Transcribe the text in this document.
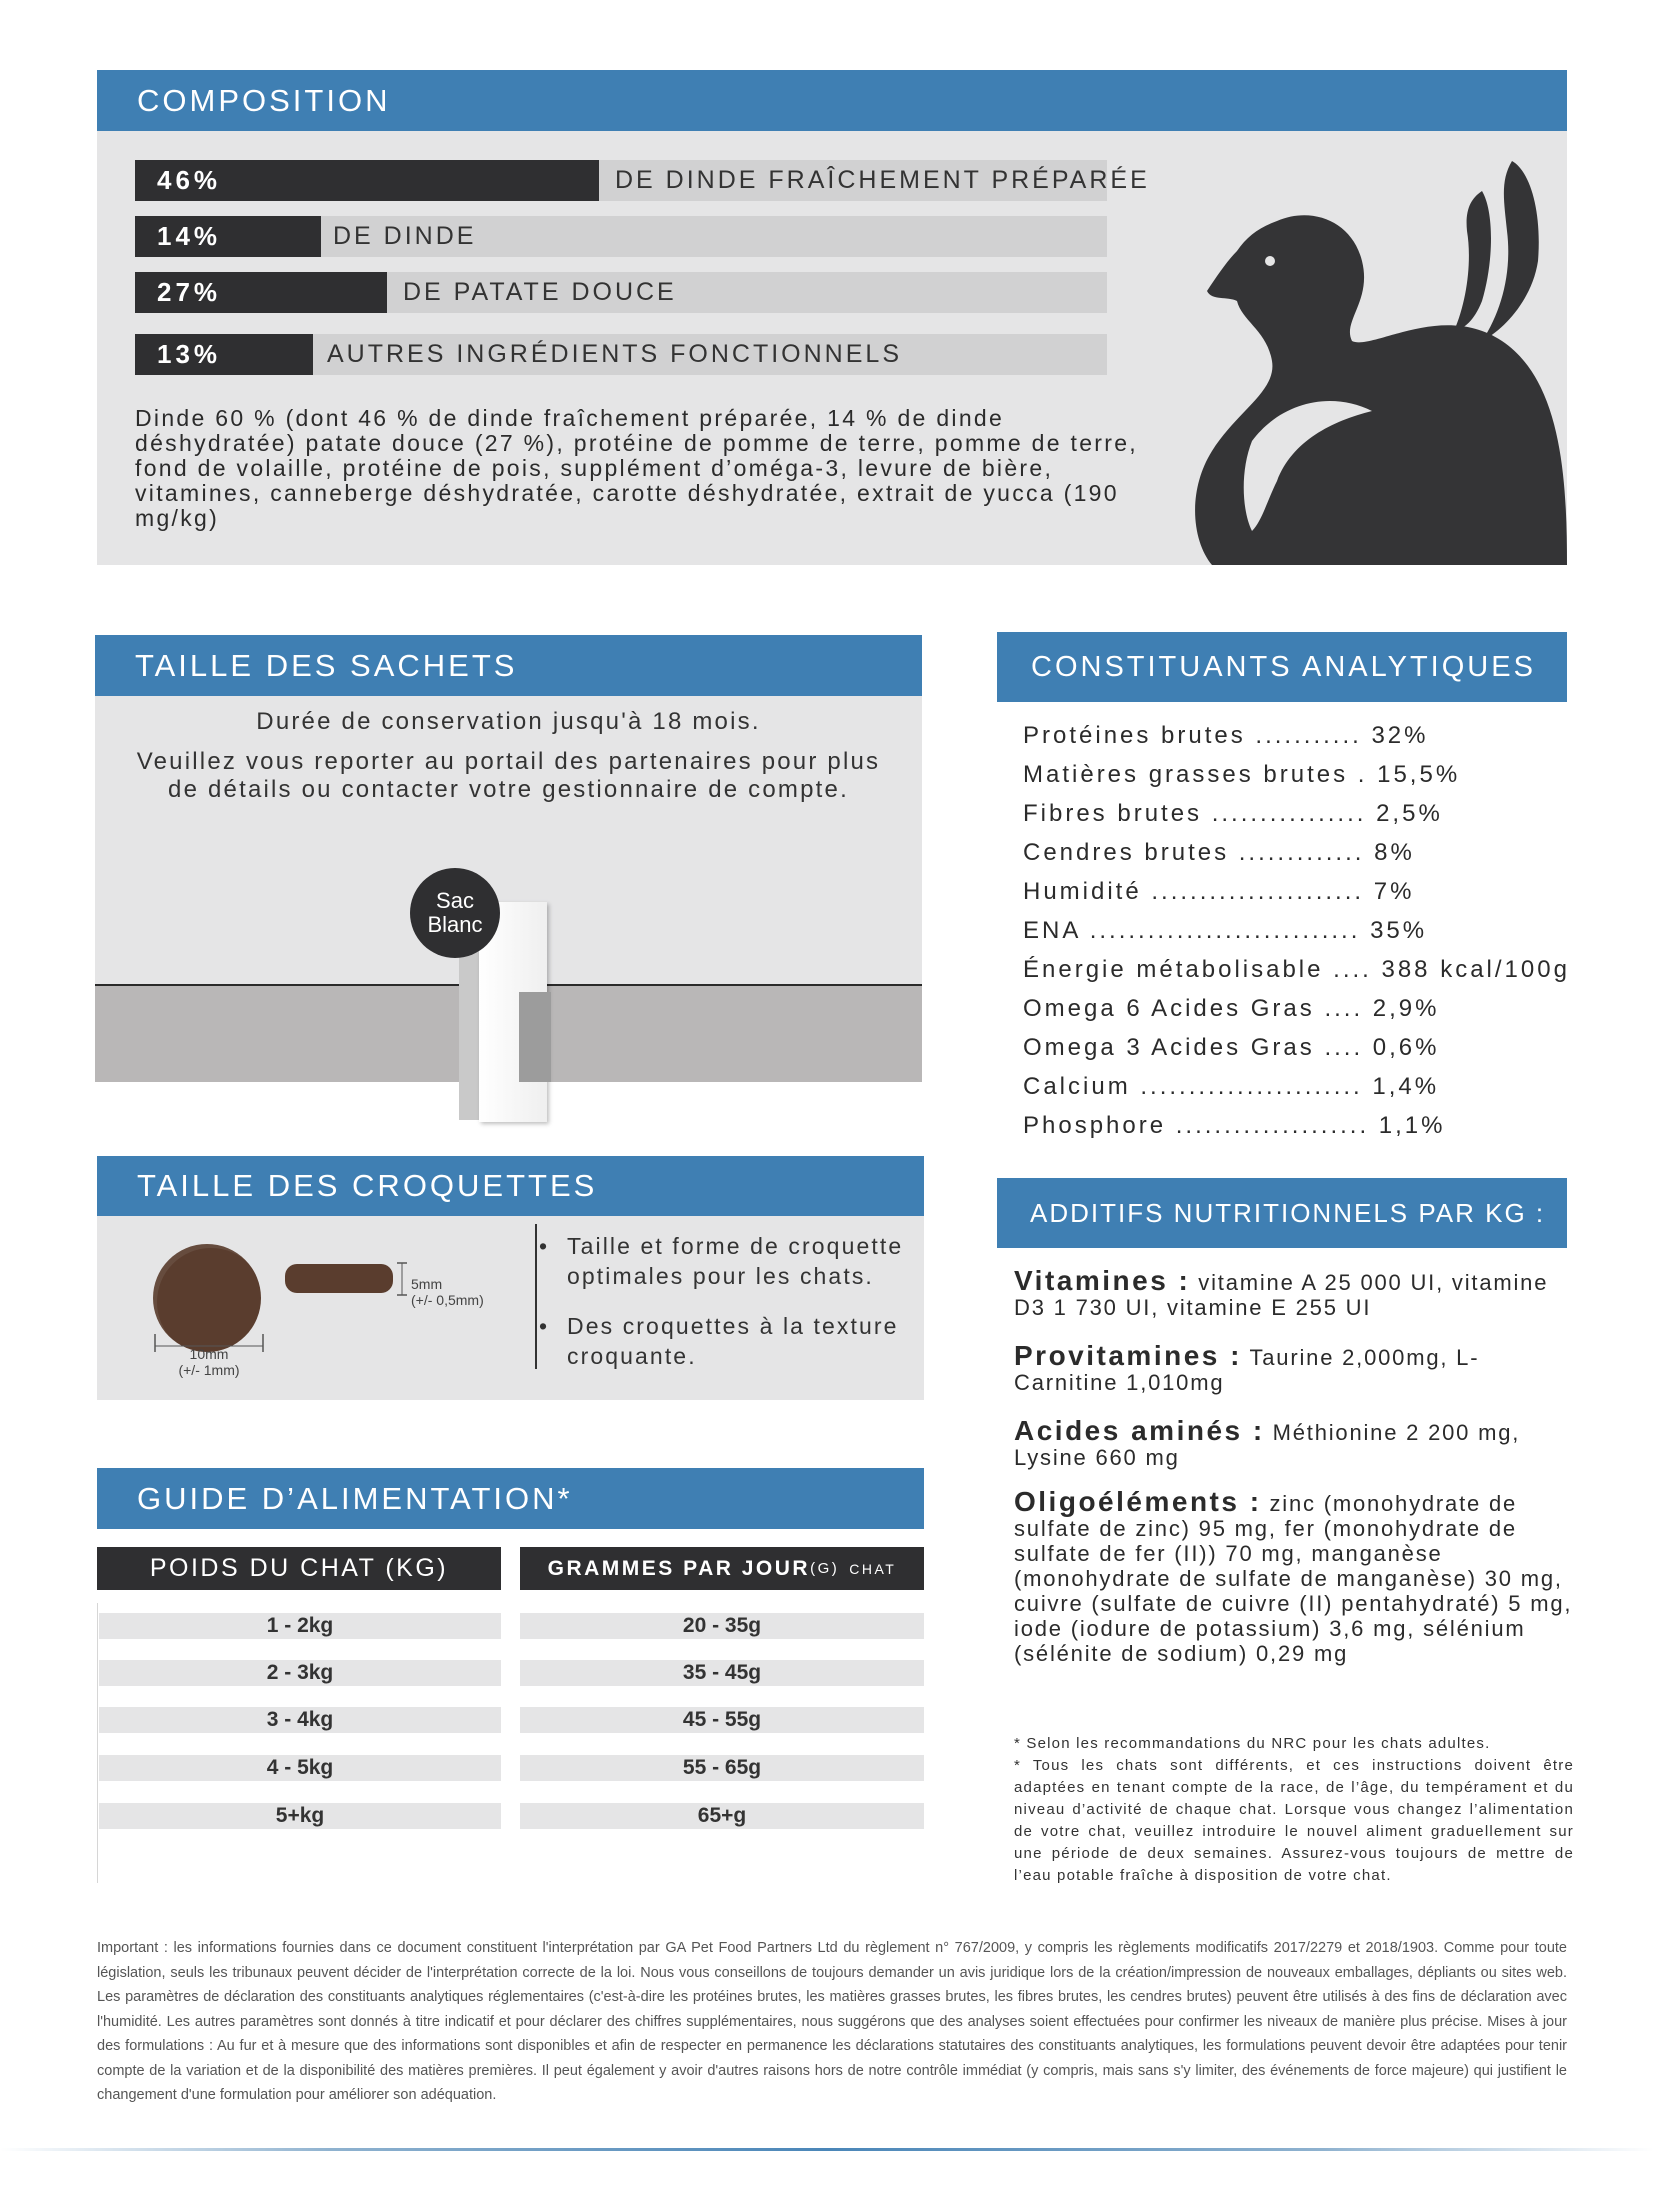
COMPOSITION
46%	DE DINDE FRAÎCHEMENT PRÉPARÉE
14%	DE DINDE
27%	DE PATATE DOUCE
13%	AUTRES INGRÉDIENTS FONCTIONNELS
Dinde 60 % (dont 46 % de dinde fraîchement préparée, 14 % de dinde déshydratée) patate douce (27 %), protéine de pomme de terre, pomme de terre, fond de volaille, protéine de pois, supplément d’oméga-3, levure de bière, vitamines, canneberge déshydratée, carotte déshydratée, extrait de yucca (190 mg/kg)
TAILLE DES SACHETS
Durée de conservation jusqu'à 18 mois.
Veuillez vous reporter au portail des partenaires pour plus de détails ou contacter votre gestionnaire de compte.
Sac
Blanc
TAILLE DES CROQUETTES
10mm
(+/- 1mm)
5mm
(+/- 0,5mm)
• Taille et forme de croquette optimales pour les chats.
• Des croquettes à la texture croquante.
GUIDE D’ALIMENTATION*
POIDS DU CHAT (KG)	GRAMMES PAR JOUR (G) CHAT
1 - 2kg	20 - 35g
2 - 3kg	35 - 45g
3 - 4kg	45 - 55g
4 - 5kg	55 - 65g
5+kg	65+g
CONSTITUANTS ANALYTIQUES
Protéines brutes ........... 32%
Matières grasses brutes . 15,5%
Fibres brutes ................ 2,5%
Cendres brutes ............. 8%
Humidité ...................... 7%
ENA ............................ 35%
Énergie métabolisable .... 388 kcal/100g
Omega 6 Acides Gras .... 2,9%
Omega 3 Acides Gras .... 0,6%
Calcium ....................... 1,4%
Phosphore .................... 1,1%
ADDITIFS NUTRITIONNELS PAR KG :
Vitamines : vitamine A 25 000 UI, vitamine D3 1 730 UI, vitamine E 255 UI
Provitamines : Taurine 2,000mg, L-Carnitine 1,010mg
Acides aminés : Méthionine 2 200 mg, Lysine 660 mg
Oligoéléments : zinc (monohydrate de sulfate de zinc) 95 mg, fer (monohydrate de sulfate de fer (II)) 70 mg, manganèse (monohydrate de sulfate de manganèse) 30 mg, cuivre (sulfate de cuivre (II) pentahydraté) 5 mg, iode (iodure de potassium) 3,6 mg, sélénium (sélénite de sodium) 0,29 mg
* Selon les recommandations du NRC pour les chats adultes.
* Tous les chats sont différents, et ces instructions doivent être adaptées en tenant compte de la race, de l’âge, du tempérament et du niveau d’activité de chaque chat. Lorsque vous changez l’alimentation de votre chat, veuillez introduire le nouvel aliment graduellement sur une période de deux semaines. Assurez-vous toujours de mettre de l’eau potable fraîche à disposition de votre chat.
Important : les informations fournies dans ce document constituent l'interprétation par GA Pet Food Partners Ltd du règlement n° 767/2009, y compris les règlements modificatifs 2017/2279 et 2018/1903. Comme pour toute législation, seuls les tribunaux peuvent décider de l'interprétation correcte de la loi. Nous vous conseillons de toujours demander un avis juridique lors de la création/impression de nouveaux emballages, dépliants ou sites web. Les paramètres de déclaration des constituants analytiques réglementaires (c'est-à-dire les protéines brutes, les matières grasses brutes, les fibres brutes, les cendres brutes) peuvent être utilisés à des fins de déclaration avec l'humidité. Les autres paramètres sont donnés à titre indicatif et pour déclarer des chiffres supplémentaires, nous suggérons que des analyses soient effectuées pour confirmer les niveaux de manière plus précise. Mises à jour des formulations : Au fur et à mesure que des informations sont disponibles et afin de respecter en permanence les déclarations statutaires des constituants analytiques, les formulations peuvent devoir être adaptées pour tenir compte de la variation et de la disponibilité des matières premières. Il peut également y avoir d'autres raisons hors de notre contrôle immédiat (y compris, mais sans s'y limiter, des événements de force majeure) qui justifient le changement d'une formulation pour améliorer son adéquation.
